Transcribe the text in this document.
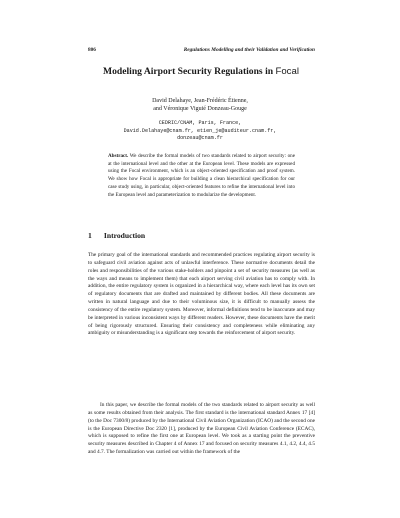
806	Regulations Modelling and their Validation and Verification
Modeling Airport Security Regulations in Focal
David Delahaye, Jean-Frédéric Étienne,
and Véronique Viguié Donzeau-Gouge
CEDRIC/CNAM, Paris, France,
David.Delahaye@cnam.fr, etien_je@auditeur.cnam.fr,
donzeau@cnam.fr
Abstract. We describe the formal models of two standards related to airport security: one at the international level and the other at the European level. These models are expressed using the Focal environment, which is an object-oriented specification and proof system. We show how Focal is appropriate for building a clean hierarchical specification for our case study using, in particular, object-oriented features to refine the international level into the European level and parameterization to modularize the development.
1 Introduction
The primary goal of the international standards and recommended practices regulating airport security is to safeguard civil aviation against acts of unlawful interference. These normative documents detail the roles and responsibilities of the various stake-holders and pinpoint a set of security measures (as well as the ways and means to implement them) that each airport serving civil aviation has to comply with. In addition, the entire regulatory system is organized in a hierarchical way, where each level has its own set of regulatory documents that are drafted and maintained by different bodies. All these documents are written in natural language and due to their voluminous size, it is difficult to manually assess the consistency of the entire regulatory system. Moreover, informal definitions tend to be inaccurate and may be interpreted in various inconsistent ways by different readers. However, these documents have the merit of being rigorously structured. Ensuring their consistency and completeness while eliminating any ambiguity or misunderstanding is a significant step towards the reinforcement of airport security.
In this paper, we describe the formal models of the two standards related to airport security as well as some results obtained from their analysis. The first standard is the international standard Annex 17 [4] (to the Doc 7300/8) produced by the International Civil Aviation Organization (ICAO) and the second one is the European Directive Doc 2320 [1], produced by the European Civil Aviation Conference (ECAC), which is supposed to refine the first one at European level. We took as a starting point the preventive security measures described in Chapter 4 of Annex 17 and focused on security measures 4.1, 4.2, 4.4, 4.5 and 4.7. The formalization was carried out within the framework of the
